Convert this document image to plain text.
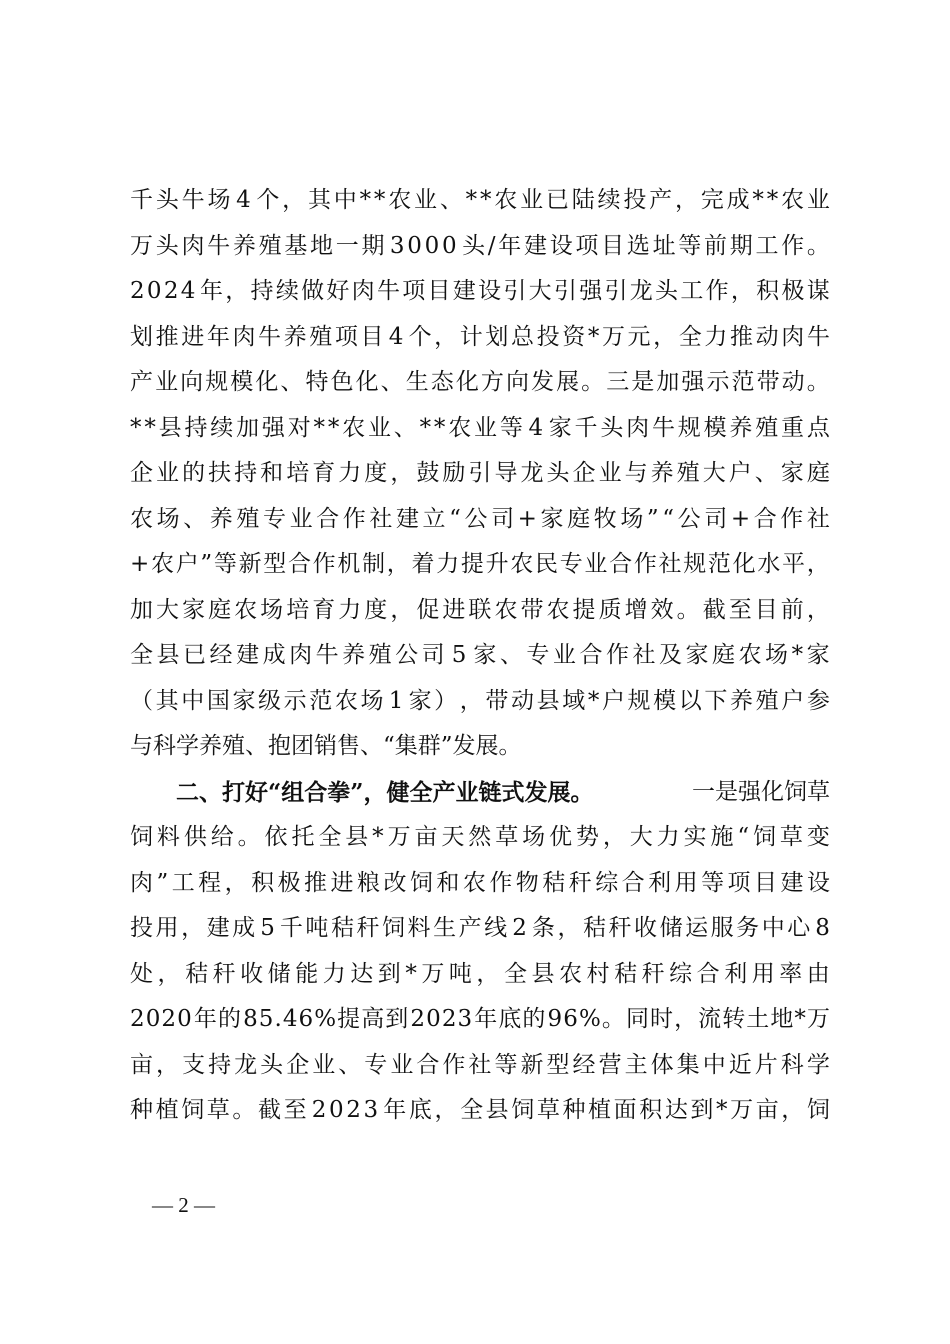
千 头 牛 场 4 个 ， 其 中 * * 农 业 、 * * 农 业 已 陆 续 投 产 ， 完 成 * * 农 业
万 头 肉 牛 养 殖 基 地 一 期 3 0 0 0 头 / 年 建 设 项 目 选 址 等 前 期 工 作 。
2 0 2 4 年 ， 持 续 做 好 肉 牛 项 目 建 设 引 大 引 强 引 龙 头 工 作 ， 积 极 谋
划 推 进 年 肉 牛 养 殖 项 目 4 个 ， 计 划 总 投 资 * 万 元 ， 全 力 推 动 肉 牛
产 业 向 规 模 化 、 特 色 化 、 生 态 化 方 向 发 展 。 三 是 加 强 示 范 带 动 。
* * 县 持 续 加 强 对 * * 农 业 、 * * 农 业 等 4 家 千 头 肉 牛 规 模 养 殖 重 点
企 业 的 扶 持 和 培 育 力 度 ， 鼓 励 引 导 龙 头 企 业 与 养 殖 大 户 、 家 庭
农 场 、 养 殖 专 业 合 作 社 建 立 “ 公 司 + 家 庭 牧 场 ” “ 公 司 + 合 作 社
+ 农 户 ” 等 新 型 合 作 机 制 ， 着 力 提 升 农 民 专 业 合 作 社 规 范 化 水 平 ，
加 大 家 庭 农 场 培 育 力 度 ， 促 进 联 农 带 农 提 质 增 效 。 截 至 目 前 ，
全 县 已 经 建 成 肉 牛 养 殖 公 司 5 家 、 专 业 合 作 社 及 家 庭 农 场 * 家
（ 其 中 国 家 级 示 范 农 场 1 家 ） ， 带 动 县 域 * 户 规 模 以 下 养 殖 户 参
与科学养殖、抱团销售、“集群”发展。
二、打好“组合拳”，健全产业链式发展。	一是强化饲草
饲 料 供 给 。 依 托 全 县 * 万 亩 天 然 草 场 优 势 ， 大 力 实 施 “ 饲 草 变
肉 ” 工 程 ， 积 极 推 进 粮 改 饲 和 农 作 物 秸 秆 综 合 利 用 等 项 目 建 设
投 用 ， 建 成 5 千 吨 秸 秆 饲 料 生 产 线 2 条 ， 秸 秆 收 储 运 服 务 中 心 8
处 ， 秸 秆 收 储 能 力 达 到 * 万 吨 ， 全 县 农 村 秸 秆 综 合 利 用 率 由
2 0 2 0 年 的 8 5 . 4 6 % 提 高 到 2 0 2 3 年 底 的 9 6 % 。 同 时 ， 流 转 土 地 * 万
亩 ， 支 持 龙 头 企 业 、 专 业 合 作 社 等 新 型 经 营 主 体 集 中 近 片 科 学
种 植 饲 草 。 截 至 2 0 2 3 年 底 ， 全 县 饲 草 种 植 面 积 达 到 * 万 亩 ， 饲
— 2 —
